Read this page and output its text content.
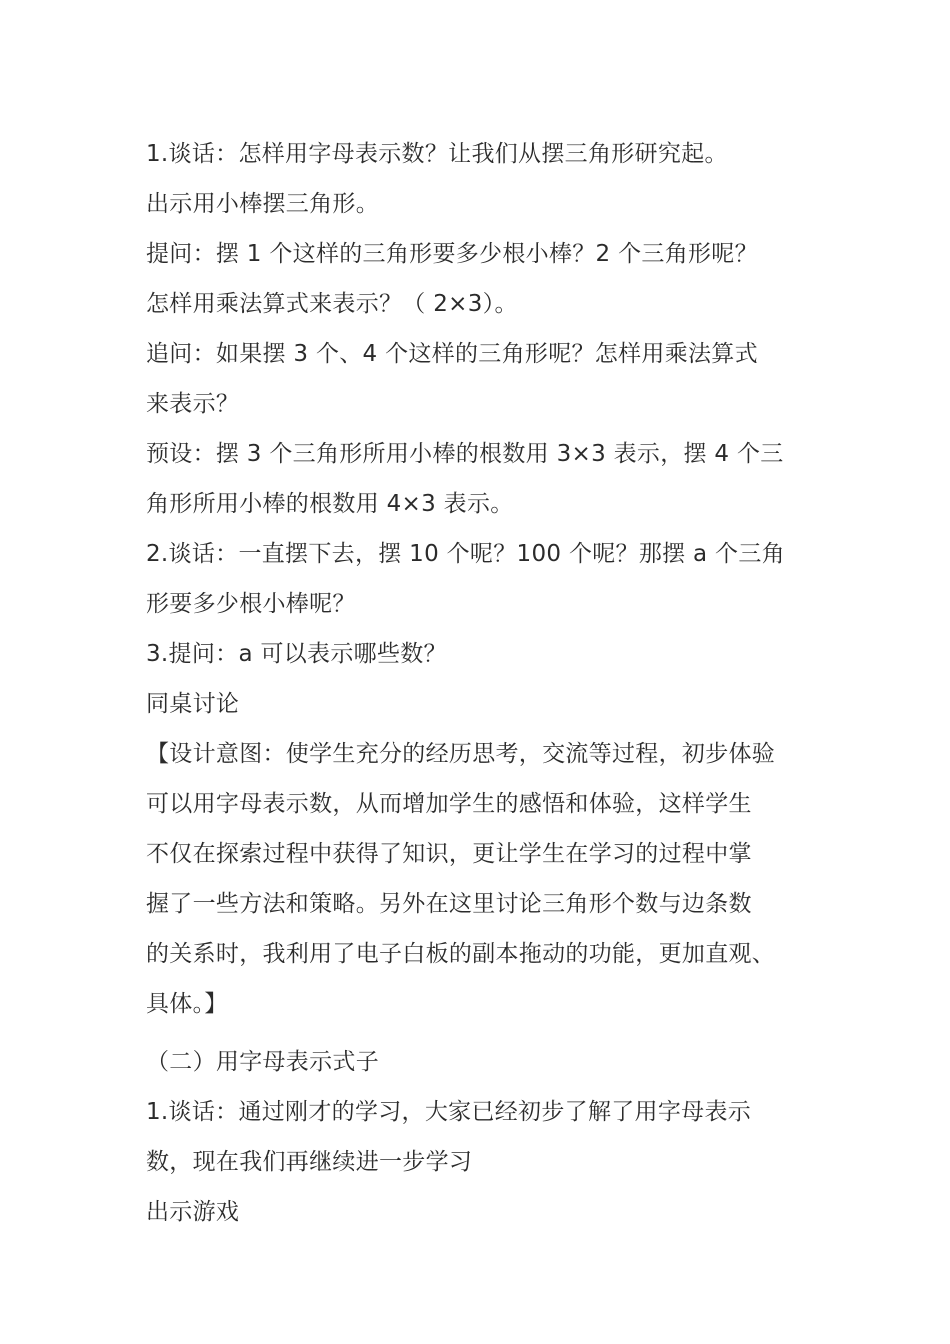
1.谈话：怎样用字母表示数？让我们从摆三角形研究起。
出示用小棒摆三角形。
提问：摆 1 个这样的三角形要多少根小棒？2 个三角形呢？
怎样用乘法算式来表示？（ 2×3）。
追问：如果摆 3 个、4 个这样的三角形呢？怎样用乘法算式
来表示？
预设：摆 3 个三角形所用小棒的根数用 3×3 表示，摆 4 个三
角形所用小棒的根数用 4×3 表示。
2.谈话：一直摆下去，摆 10 个呢？100 个呢？那摆 a 个三角
形要多少根小棒呢？
3.提问：a 可以表示哪些数？
同桌讨论
【设计意图：使学生充分的经历思考，交流等过程，初步体验
可以用字母表示数，从而增加学生的感悟和体验，这样学生
不仅在探索过程中获得了知识，更让学生在学习的过程中掌
握了一些方法和策略。另外在这里讨论三角形个数与边条数
的关系时，我利用了电子白板的副本拖动的功能，更加直观、
具体。】
（二）用字母表示式子
1.谈话：通过刚才的学习，大家已经初步了解了用字母表示
数，现在我们再继续进一步学习
出示游戏
